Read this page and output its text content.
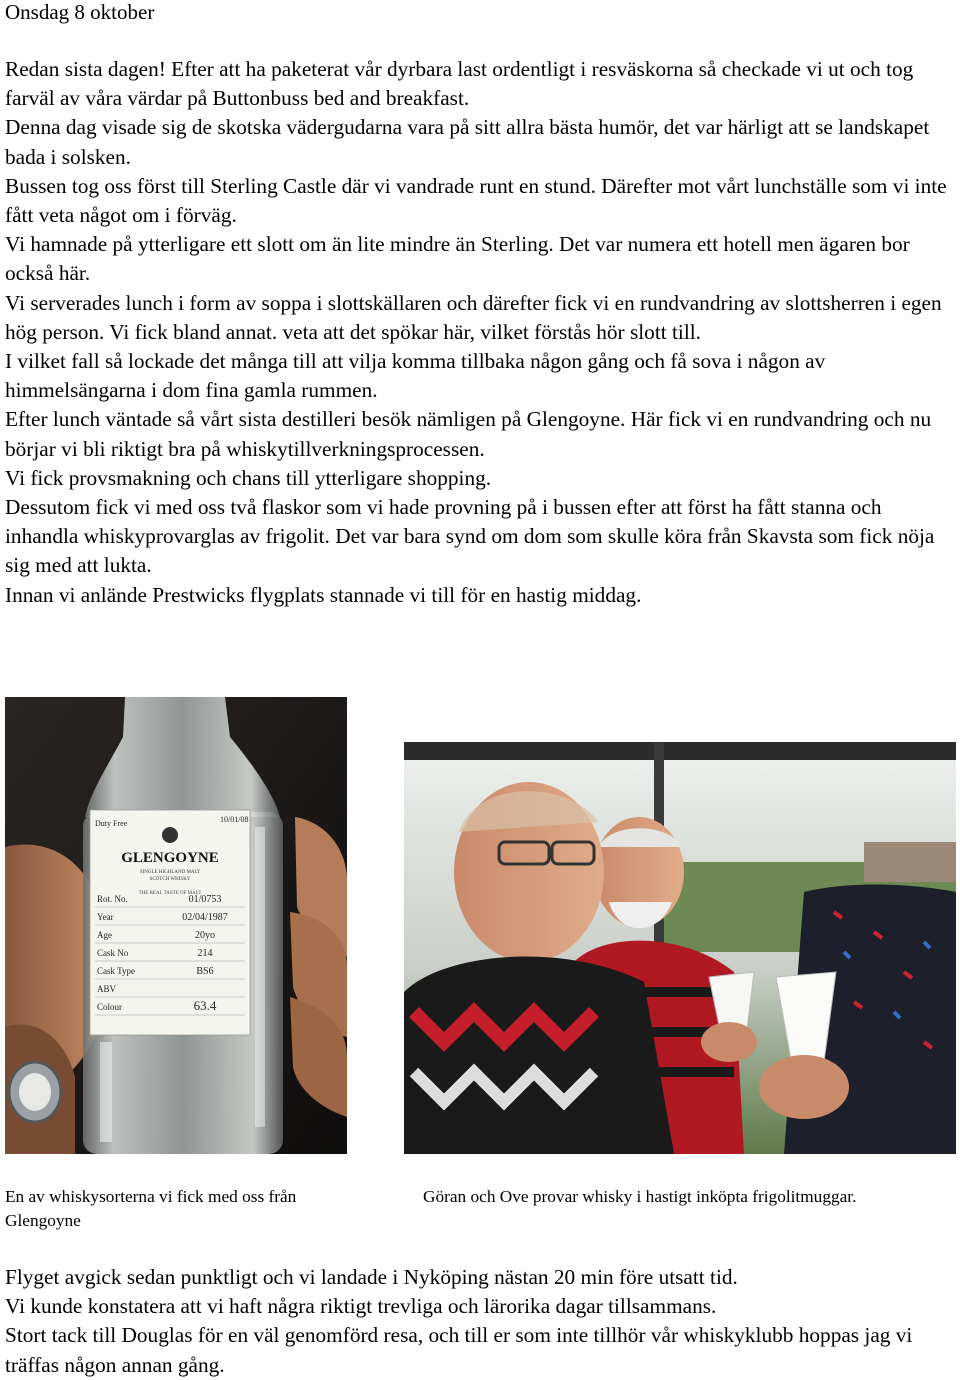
Onsdag 8 oktober

Redan sista dagen! Efter att ha paketerat vår dyrbara last ordentligt i resväskorna så checkade vi ut och tog farväl av våra värdar på Buttonbuss bed and breakfast.

Denna dag visade sig de skotska vädergudarna vara på sitt allra bästa humör, det var härligt att se landskapet bada i solsken.

Bussen tog oss först till Sterling Castle där vi vandrade runt en stund. Därefter mot vårt lunchställe som vi inte fått veta något om i förväg.

Vi hamnade på ytterligare ett slott om än lite mindre än Sterling. Det var numera ett hotell men ägaren bor också här.

Vi serverades lunch i form av soppa i slottskällaren och därefter fick vi en rundvandring av slottsherren i egen hög person. Vi fick bland annat. veta att det spökar här, vilket förstås hör slott till.

I vilket fall så lockade det många till att vilja komma tillbaka någon gång och få sova i någon av himmelsängarna i dom fina gamla rummen.

Efter lunch väntade så vårt sista destilleri besök nämligen på Glengoyne. Här fick vi en rundvandring och nu börjar vi bli riktigt bra på whiskytillverkningsprocessen.

Vi fick provsmakning och chans till ytterligare shopping.

Dessutom fick vi med oss två flaskor som vi hade provning på i bussen efter att först ha fått stanna och inhandla whiskyprovarglas av frigolit. Det var bara synd om dom som skulle köra från Skavsta som fick nöja sig med att lukta.

Innan vi anlände Prestwicks flygplats stannade vi till för en hastig middag.

Duty Free	10/01/08
GLENGOYNE
SINGLE HIGHLAND MALT
SCOTCH WHISKY
THE REAL TASTE OF MALT
Rot. No.	01/0753
Year	02/04/1987
Age	20yo
Cask No	214
Cask Type	BS6
ABV
Colour	63.4

En av whiskysorterna vi fick med oss från Glengoyne

Göran och Ove provar whisky i hastigt inköpta frigolitmuggar.

Flyget avgick sedan punktligt och vi landade i Nyköping nästan 20 min före utsatt tid.

Vi kunde konstatera att vi haft några riktigt trevliga och lärorika dagar tillsammans.

Stort tack till Douglas för en väl genomförd resa, och till er som inte tillhör vår whiskyklubb hoppas jag vi träffas någon annan gång.
